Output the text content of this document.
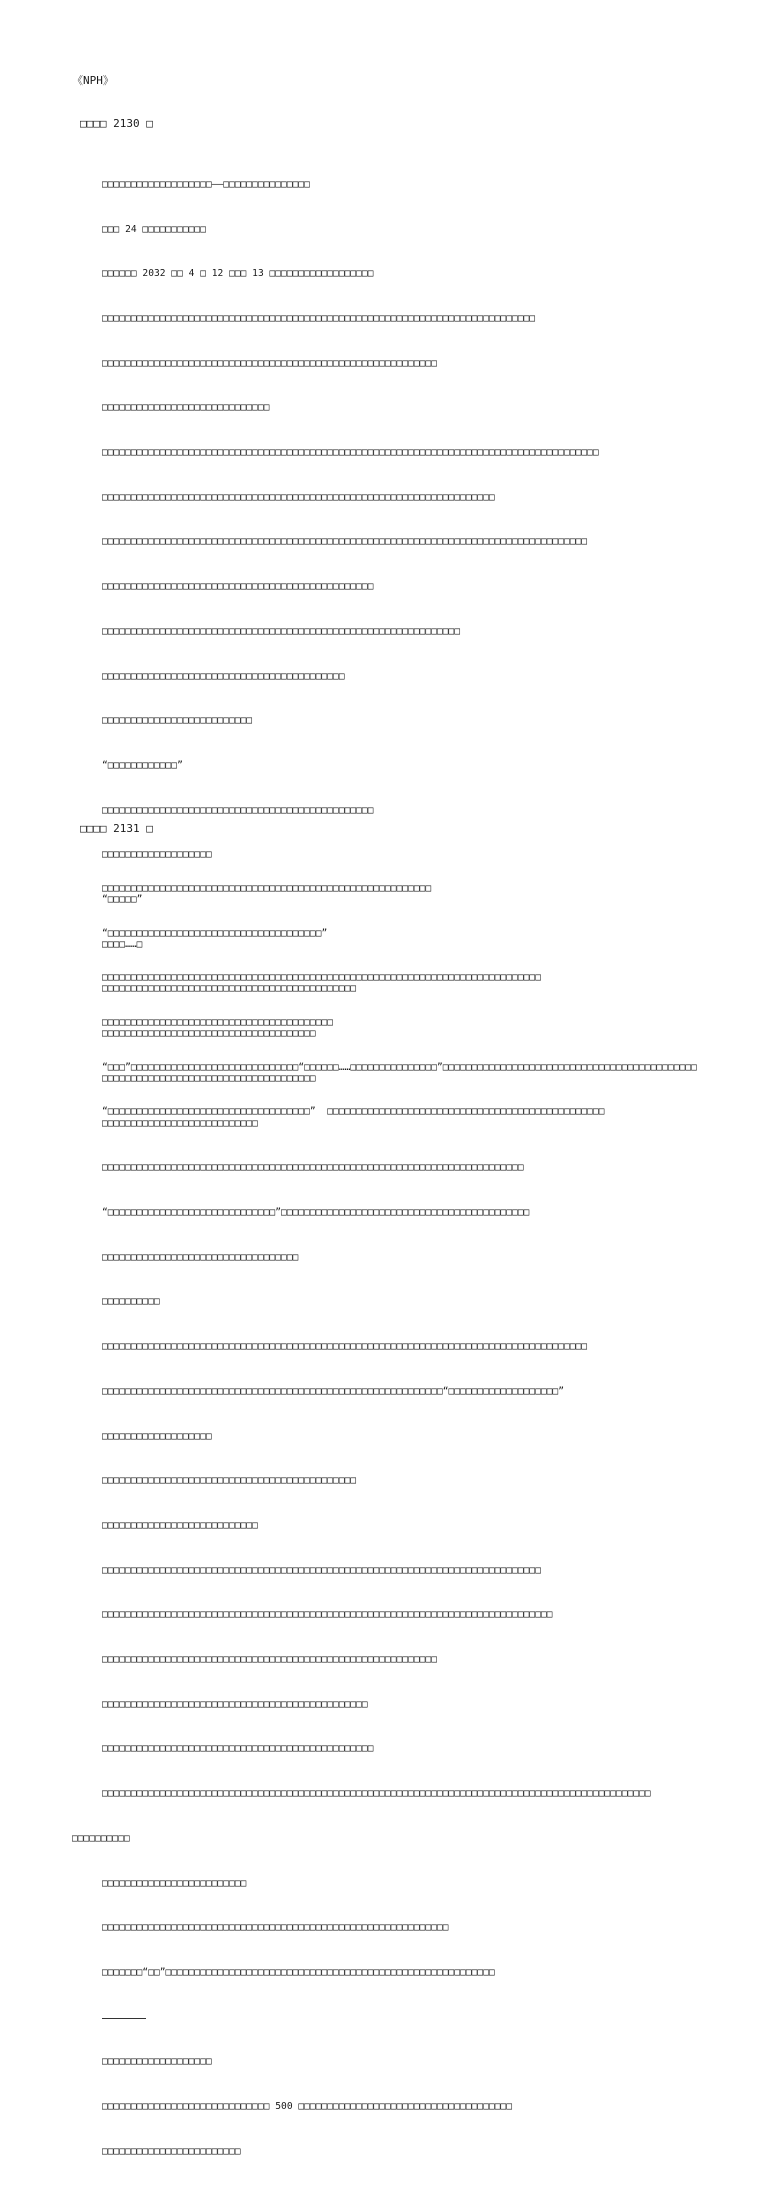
《NPH》
□□□□ 2130 □

□□□□□□□□□□□□□□□□□□□——□□□□□□□□□□□□□□□

□□□ 24 □□□□□□□□□□□

□□□□□□ 2032 □□ 4 □ 12 □□□ 13 □□□□□□□□□□□□□□□□□□

□□□□□□□□□□□□□□□□□□□□□□□□□□□□□□□□□□□□□□□□□□□□□□□□□□□□□□□□□□□□□□□□□□□□□□□□□□□

□□□□□□□□□□□□□□□□□□□□□□□□□□□□□□□□□□□□□□□□□□□□□□□□□□□□□□□□□□

□□□□□□□□□□□□□□□□□□□□□□□□□□□□□

□□□□□□□□□□□□□□□□□□□□□□□□□□□□□□□□□□□□□□□□□□□□□□□□□□□□□□□□□□□□□□□□□□□□□□□□□□□□□□□□□□□□□□

□□□□□□□□□□□□□□□□□□□□□□□□□□□□□□□□□□□□□□□□□□□□□□□□□□□□□□□□□□□□□□□□□□□□

□□□□□□□□□□□□□□□□□□□□□□□□□□□□□□□□□□□□□□□□□□□□□□□□□□□□□□□□□□□□□□□□□□□□□□□□□□□□□□□□□□□□

□□□□□□□□□□□□□□□□□□□□□□□□□□□□□□□□□□□□□□□□□□□□□□□

□□□□□□□□□□□□□□□□□□□□□□□□□□□□□□□□□□□□□□□□□□□□□□□□□□□□□□□□□□□□□□

□□□□□□□□□□□□□□□□□□□□□□□□□□□□□□□□□□□□□□□□□□

□□□□□□□□□□□□□□□□□□□□□□□□□□

“□□□□□□□□□□□□”

□□□□□□□□□□□□□□□□□□□□□□□□□□□□□□□□□□□□□□□□□□□□□□□

□□□□□□□□□□□□□□□□□□□

“□□□□□”

□□□□……□

□□□□□□□□□□□□□□□□□□□□□□□□□□□□□□□□□□□□□□□□□□□□

□□□□□□□□□□□□□□□□□□□□□□□□□□□□□□□□□□□□□

□□□□□□□□□□□□□□□□□□□□□□□□□□□□□□□□□□□□□

□□□□□□□□□□□□□□□□□□□□□□□□□□□

□□□□□□□□□□□□□□□□□□□□□□□□□□□□□□□□□□□□□□□□□□□□□□□□□□□□□□□□□□□□□□□□□□□□□□□□□

“□□□□□□□□□□□□□□□□□□□□□□□□□□□□□”□□□□□□□□□□□□□□□□□□□□□□□□□□□□□□□□□□□□□□□□□□□

□□□□□□□□□□□□□□□□□□□□□□□□□□□□□□□□□□

□□□□□□□□□□

□□□□□□□□□□□□□□□□□□□□□□□□□□□□□□□□□□□□□□□□□□□□□□□□□□□□□□□□□□□□□□□□□□□□□□□□□□□□□□□□□□□□

□□□□□□□□□□□□□□□□□□□□□□□□□□□□□□□□□□□□□□□□□□□□□□□□□□□□□□□□□□□“□□□□□□□□□□□□□□□□□□□”

□□□□□□□□□□□□□□□□□□□

□□□□□□□□□□□□□□□□□□□□□□□□□□□□□□□□□□□□□□□□□□□□

□□□□□□□□□□□□□□□□□□□□□□□□□□□

□□□□□□□□□□□□□□□□□□□□□□□□□□□□□□□□□□□□□□□□□□□□□□□□□□□□□□□□□□□□□□□□□□□□□□□□□□□□

□□□□□□□□□□□□□□□□□□□□□□□□□□□□□□□□□□□□□□□□□□□□□□□□□□□□□□□□□□□□□□□□□□□□□□□□□□□□□□

□□□□□□□□□□□□□□□□□□□□□□□□□□□□□□□□□□□□□□□□□□□□□□□□□□□□□□□□□□

□□□□□□□□□□□□□□□□□□□□□□□□□□□□□□□□□□□□□□□□□□□□□□

□□□□□□□□□□□□□□□□□□□□□□□□□□□□□□□□□□□□□□□□□□□□□□□

□□□□□□□□□□□□□□□□□□□□□□□□□□□□□□□□□□□□□□□□□□□□□□□□□□□□□□□□□□□□□□□□□□□□□□□□□□□□□□□□□□□□□□□□□□□□□□□

□□□□□□□□□□

□□□□□□□□□□□□□□□□□□□□□□□□□

□□□□□□□□□□□□□□□□□□□□□□□□□□□□□□□□□□□□□□□□□□□□□□□□□□□□□□□□□□□□

□□□□□□□“□□”□□□□□□□□□□□□□□□□□□□□□□□□□□□□□□□□□□□□□□□□□□□□□□□□□□□□□□□□□

□□□□□□□□□□□□□□□□□□□

□□□□□□□□□□□□□□□□□□□□□□□□□□□□□ 500 □□□□□□□□□□□□□□□□□□□□□□□□□□□□□□□□□□□□□

□□□□□□□□□□□□□□□□□□□□□□□□

□□□□ 2131 □

□□□□□□□□□□□□□□□□□□□□□□□□□□□□□□□□□□□□□□□□□□□□□□□□□□□□□□□□□

“□□□□□□□□□□□□□□□□□□□□□□□□□□□□□□□□□□□□□”

□□□□□□□□□□□□□□□□□□□□□□□□□□□□□□□□□□□□□□□□□□□□□□□□□□□□□□□□□□□□□□□□□□□□□□□□□□□□

□□□□□□□□□□□□□□□□□□□□□□□□□□□□□□□□□□□□□□□□

“□□□”□□□□□□□□□□□□□□□□□□□□□□□□□□□□□“□□□□□□……□□□□□□□□□□□□□□□”□□□□□□□□□□□□□□□□□□□□□□□□□□□□□□□□□□□□□□□□□□□□

“□□□□□□□□□□□□□□□□□□□□□□□□□□□□□□□□□□□”  □□□□□□□□□□□□□□□□□□□□□□□□□□□□□□□□□□□□□□□□□□□□□□□□
